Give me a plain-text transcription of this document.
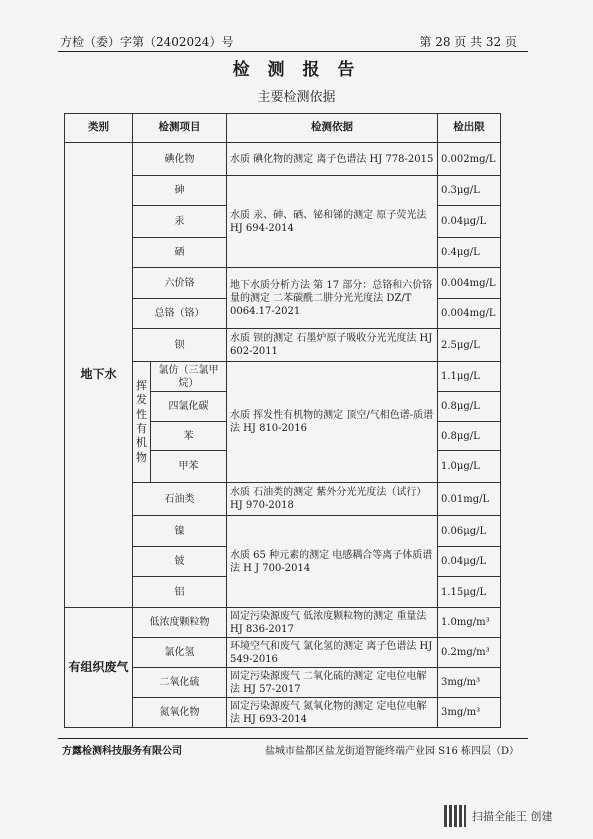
方检（委）字第（2402024）号	第 28 页 共 32 页
检 测 报 告
主要检测依据
类别	检测项目		检测依据	检出限
地下水	碘化物		水质 碘化物的测定 离子色谱法 HJ 778-2015	0.002mg/L
	砷		水质 汞、砷、硒、铋和锑的测定 原子荧光法 HJ 694-2014	0.3μg/L
	汞			0.04μg/L
	硒			0.4μg/L
	六价铬		地下水质分析方法 第 17 部分：总铬和六价铬量的测定 二苯碳酰二肼分光光度法 DZ/T 0064.17-2021	0.004mg/L
	总铬（铬）			0.004mg/L
	钡		水质 钡的测定 石墨炉原子吸收分光光度法 HJ 602-2011	2.5μg/L
	挥发性有机物	氯仿（三氯甲烷）	水质 挥发性有机物的测定 顶空/气相色谱-质谱法 HJ 810-2016	1.1μg/L
		四氯化碳		0.8μg/L
		苯		0.8μg/L
		甲苯		1.0μg/L
	石油类		水质 石油类的测定 紫外分光光度法（试行） HJ 970-2018	0.01mg/L
	镍		水质 65 种元素的测定 电感耦合等离子体质谱法 H J 700-2014	0.06μg/L
	铍			0.04μg/L
	铝			1.15μg/L
有组织废气	低浓度颗粒物		固定污染源废气 低浓度颗粒物的测定 重量法 HJ 836-2017	1.0mg/m³
	氯化氢		环境空气和废气 氯化氢的测定 离子色谱法 HJ 549-2016	0.2mg/m³
	二氧化硫		固定污染源废气 二氧化硫的测定 定电位电解法 HJ 57-2017	3mg/m³
	氮氧化物		固定污染源废气 氮氧化物的测定 定电位电解法 HJ 693-2014	3mg/m³
方露检测科技服务有限公司	盐城市盐都区盐龙街道智能终端产业园 S16 栋四层（D）
扫描全能王 创建
